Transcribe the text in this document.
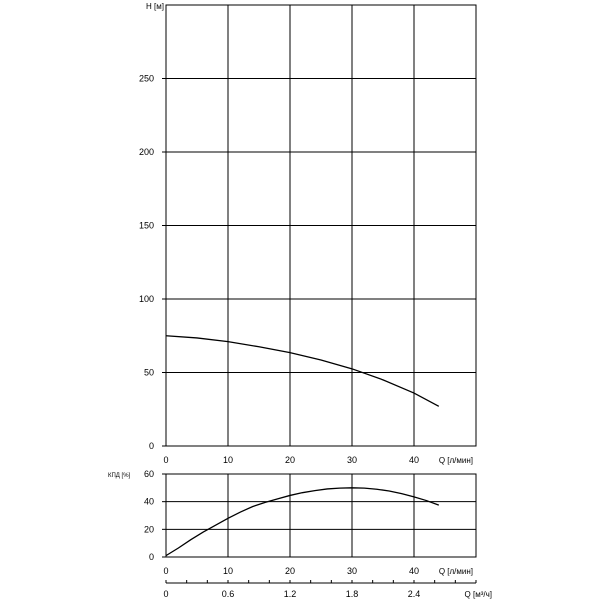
0
50
100
150
200
250
0	10	20	30	40
H [м]
Q [л/мин]
0
20
40
60
0	10	20	30	40
КПД [%]
Q [л/мин]
0	0.6	1.2	1.8	2.4	Q [м³/ч]
